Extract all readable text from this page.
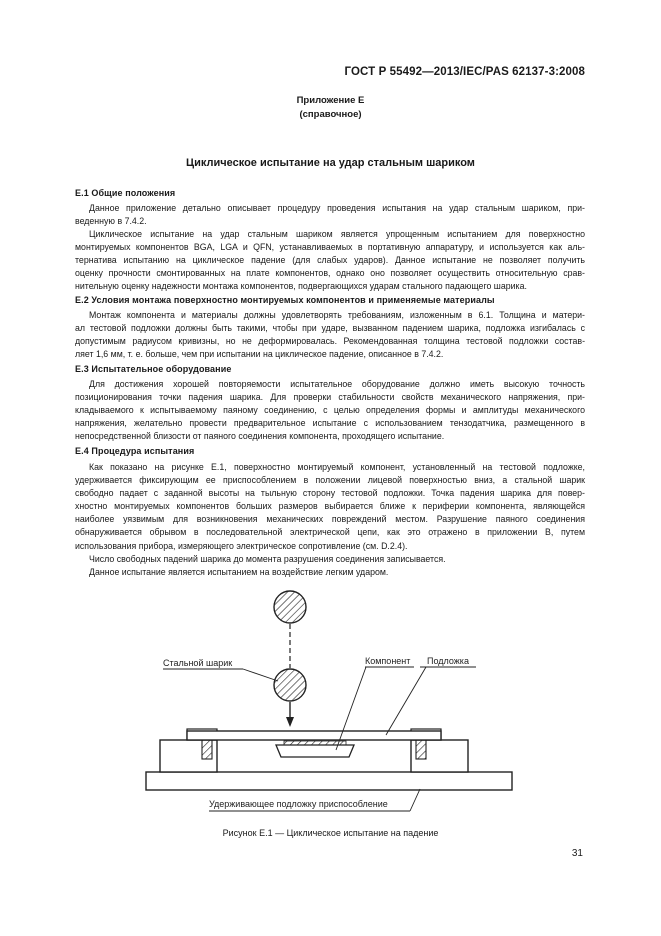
ГОСТ Р 55492—2013/IEC/PAS 62137-3:2008
Приложение Е
(справочное)
Циклическое испытание на удар стальным шариком
Е.1 Общие положения
Данное приложение детально описывает процедуру проведения испытания на удар стальным шариком, при-
веденную в 7.4.2.
Циклическое испытание на удар стальным шариком является упрощенным испытанием для поверхностно
монтируемых компонентов BGA, LGA и QFN, устанавливаемых в портативную аппаратуру, и используется как аль-
тернатива испытанию на циклическое падение (для слабых ударов). Данное испытание не позволяет получить
оценку прочности смонтированных на плате компонентов, однако оно позволяет осуществить относительную срав-
нительную оценку надежности монтажа компонентов, подвергающихся ударам стального падающего шарика.
Е.2 Условия монтажа поверхностно монтируемых компонентов и применяемые материалы
Монтаж компонента и материалы должны удовлетворять требованиям, изложенным в 6.1. Толщина и матери-
ал тестовой подложки должны быть такими, чтобы при ударе, вызванном падением шарика, подложка изгибалась с
допустимым радиусом кривизны, но не деформировалась. Рекомендованная толщина тестовой подложки состав-
ляет 1,6 мм, т. е. больше, чем при испытании на циклическое падение, описанное в 7.4.2.
Е.3 Испытательное оборудование
Для достижения хорошей повторяемости испытательное оборудование должно иметь высокую точность
позиционирования точки падения шарика. Для проверки стабильности свойств механического напряжения, при-
кладываемого к испытываемому паяному соединению, с целью определения формы и амплитуды механического
напряжения, желательно провести предварительное испытание с использованием тензодатчика, размещенного в
непосредственной близости от паяного соединения компонента, проходящего испытание.
Е.4 Процедура испытания
Как показано на рисунке Е.1, поверхностно монтируемый компонент, установленный на тестовой подложке,
удерживается фиксирующим ее приспособлением в положении лицевой поверхностью вниз, а стальной шарик
свободно падает с заданной высоты на тыльную сторону тестовой подложки. Точка падения шарика для повер-
хностно монтируемых компонентов больших размеров выбирается ближе к периферии компонента, являющейся
наиболее уязвимым для возникновения механических повреждений местом. Разрушение паяного соединения
обнаруживается обрывом в последовательной электрической цепи, как это отражено в приложении В, путем
использования прибора, измеряющего электрическое сопротивление (см. D.2.4).
Число свободных падений шарика до момента разрушения соединения записывается.
Данное испытание является испытанием на воздействие легким ударом.
Стальной шарик	Компонент Подложка
Удерживающее подложку приспособление
Рисунок Е.1 — Циклическое испытание на падение
31
